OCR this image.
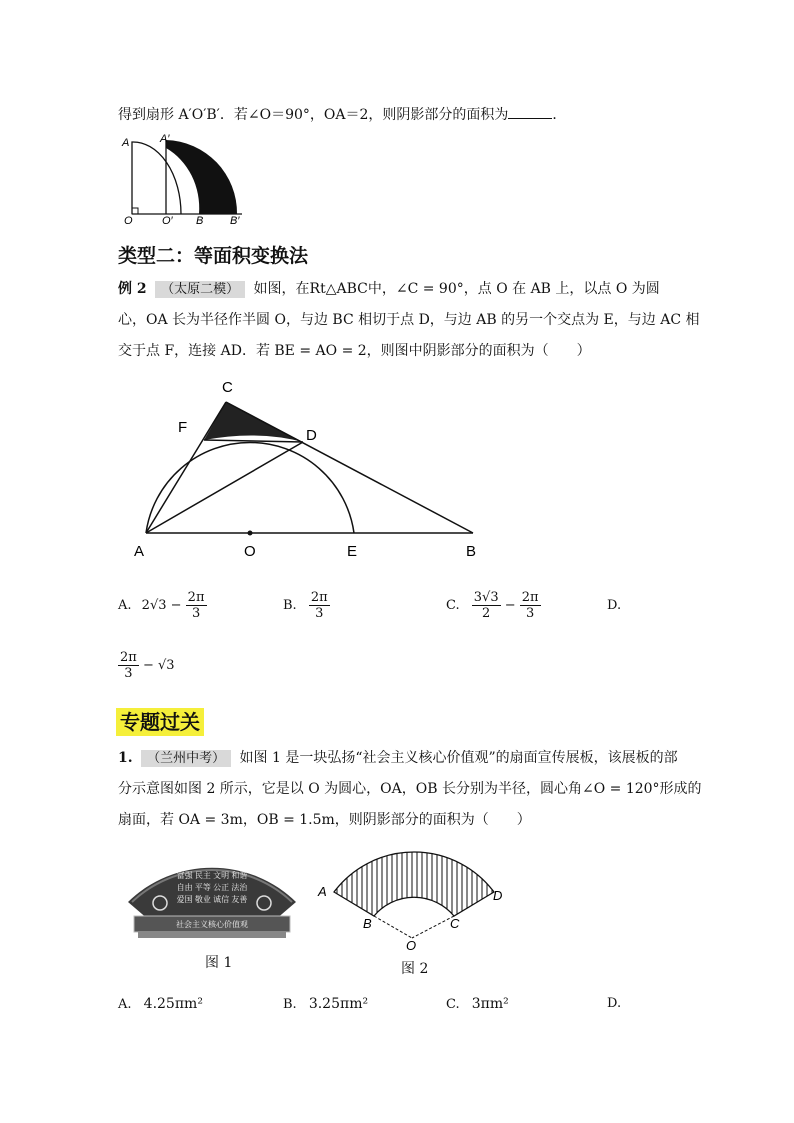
得到扇形 A′O′B′．若∠O＝90°，OA＝2，则阴影部分的面积为	．
A	A′
O	O′ B B′
类型二：等面积变换法
例 2 （太原二模） 如图，在Rt△ABC中，∠C = 90°，点 O 在 AB 上，以点 O 为圆
心，OA 长为半径作半圆 O，与边 BC 相切于点 D，与边 AB 的另一个交点为 E，与边 AC 相
交于点 F，连接 AD．若 BE = AO = 2，则图中阴影部分的面积为（　　）
C
F	D
A	O	E	B
A. $2√3 - \frac{2\pi}{3}$	B. $\frac{2\pi}{3}$	C. $\frac{3√3}{2} - \frac{2\pi}{3}$	D.
$\frac{2\pi}{3} - √3$
专题过关
1. （兰州中考） 如图 1 是一块弘扬“社会主义核心价值观”的扇面宣传展板，该展板的部
分示意图如图 2 所示，它是以 O 为圆心，OA，OB 长分别为半径，圆心角∠O = 120°形成的
扇面，若 OA = 3m，OB = 1.5m，则阴影部分的面积为（　　）
富强 民主 文明 和谐
自由 平等 公正 法治
爱国 敬业 诚信 友善
社会主义核心价值观
图 1
A
B	C
D
O
图 2
A. 4.25πm²	B. 3.25πm²	C. 3πm²	D.
